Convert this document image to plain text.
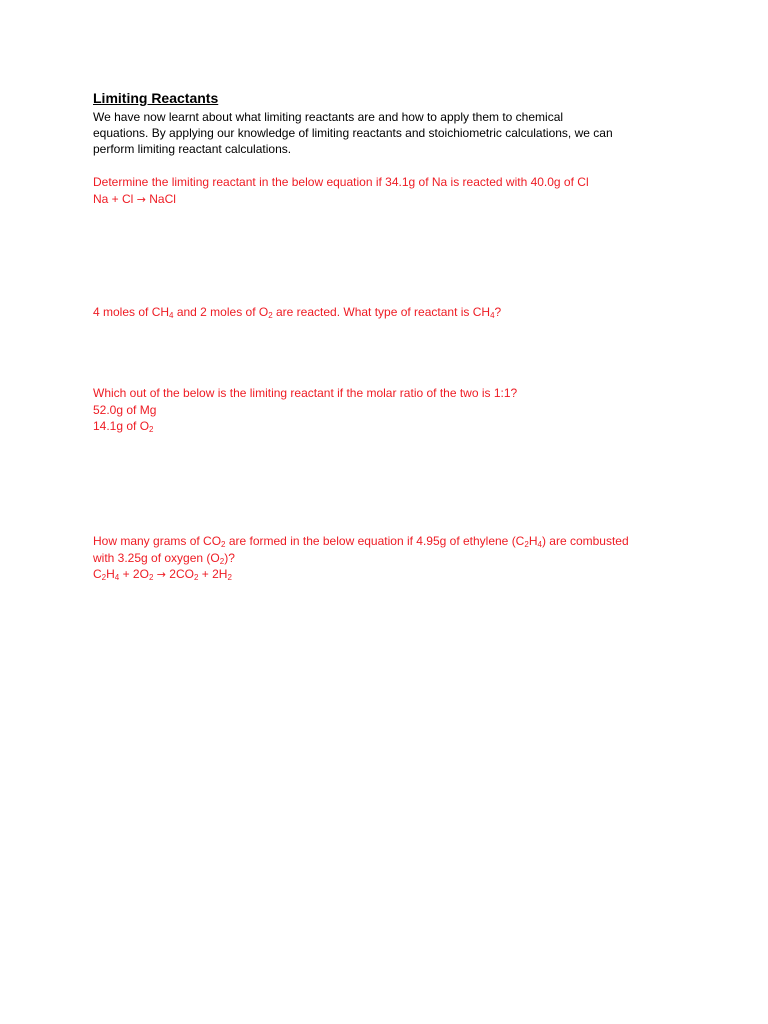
Limiting Reactants

We have now learnt about what limiting reactants are and how to apply them to chemical
equations. By applying our knowledge of limiting reactants and stoichiometric calculations, we can
perform limiting reactant calculations.

Determine the limiting reactant in the below equation if 34.1g of Na is reacted with 40.0g of Cl
Na + Cl → NaCl
4 moles of $CH_4$ and 2 moles of $O_2$ are reacted. What type of reactant is $CH_4$?
Which out of the below is the limiting reactant if the molar ratio of the two is 1:1?
52.0g of Mg
14.1g of $O_2$
How many grams of $CO_2$ are formed in the below equation if 4.95g of ethylene $(C_2H_4)$ are combusted
with 3.25g of oxygen $(O_2)$?
$C_2H_4 + 2O_2 \to 2CO_2 + 2H_2$
